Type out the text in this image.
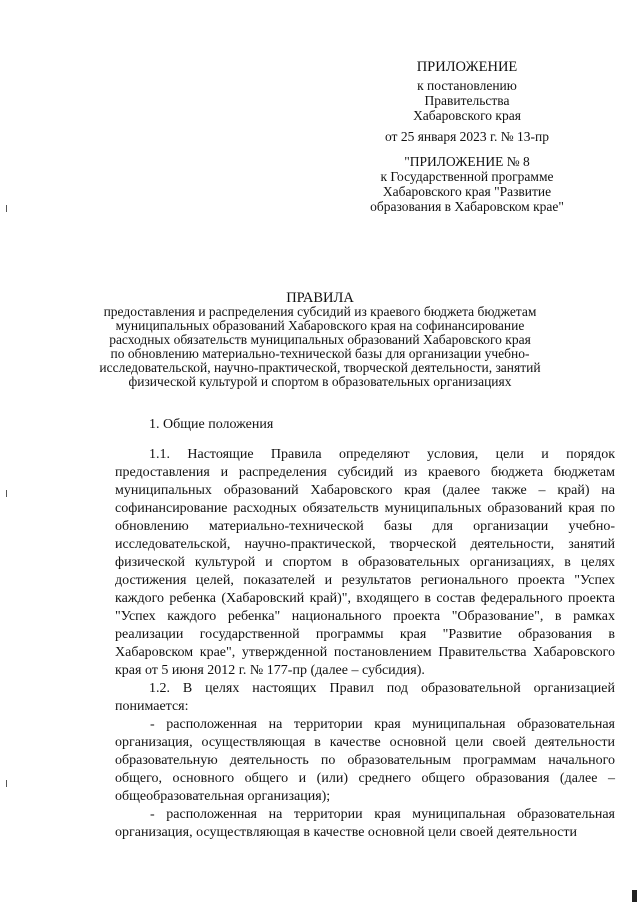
ПРИЛОЖЕНИЕ
к постановлению
Правительства
Хабаровского края
от 25 января 2023 г. № 13-пр
"ПРИЛОЖЕНИЕ № 8
к Государственной программе
Хабаровского края "Развитие
образования в Хабаровском крае"
ПРАВИЛА
предоставления и распределения субсидий из краевого бюджета бюджетам
муниципальных образований Хабаровского края на софинансирование
расходных обязательств муниципальных образований Хабаровского края
по обновлению материально-технической базы для организации учебно-
исследовательской, научно-практической, творческой деятельности, занятий
физической культурой и спортом в образовательных организациях
1. Общие положения

1.1. Настоящие Правила определяют условия, цели и порядок предоставления и распределения субсидий из краевого бюджета бюджетам муниципальных образований Хабаровского края (далее также – край) на софинансирование расходных обязательств муниципальных образований края по обновлению материально-технической базы для организации учебно-исследовательской, научно-практической, творческой деятельности, занятий физической культурой и спортом в образовательных организациях, в целях достижения целей, показателей и результатов регионального проекта "Успех каждого ребенка (Хабаровский край)", входящего в состав федерального проекта "Успех каждого ребенка" национального проекта "Образование", в рамках реализации государственной программы края "Развитие образования в Хабаровском крае", утвержденной постановлением Правительства Хабаровского края от 5 июня 2012 г. № 177-пр (далее – субсидия).

1.2. В целях настоящих Правил под образовательной организацией понимается:

- расположенная на территории края муниципальная образовательная организация, осуществляющая в качестве основной цели своей деятельности образовательную деятельность по образовательным программам начального общего, основного общего и (или) среднего общего образования (далее – общеобразовательная организация);

- расположенная на территории края муниципальная образовательная организация, осуществляющая в качестве основной цели своей деятельности
